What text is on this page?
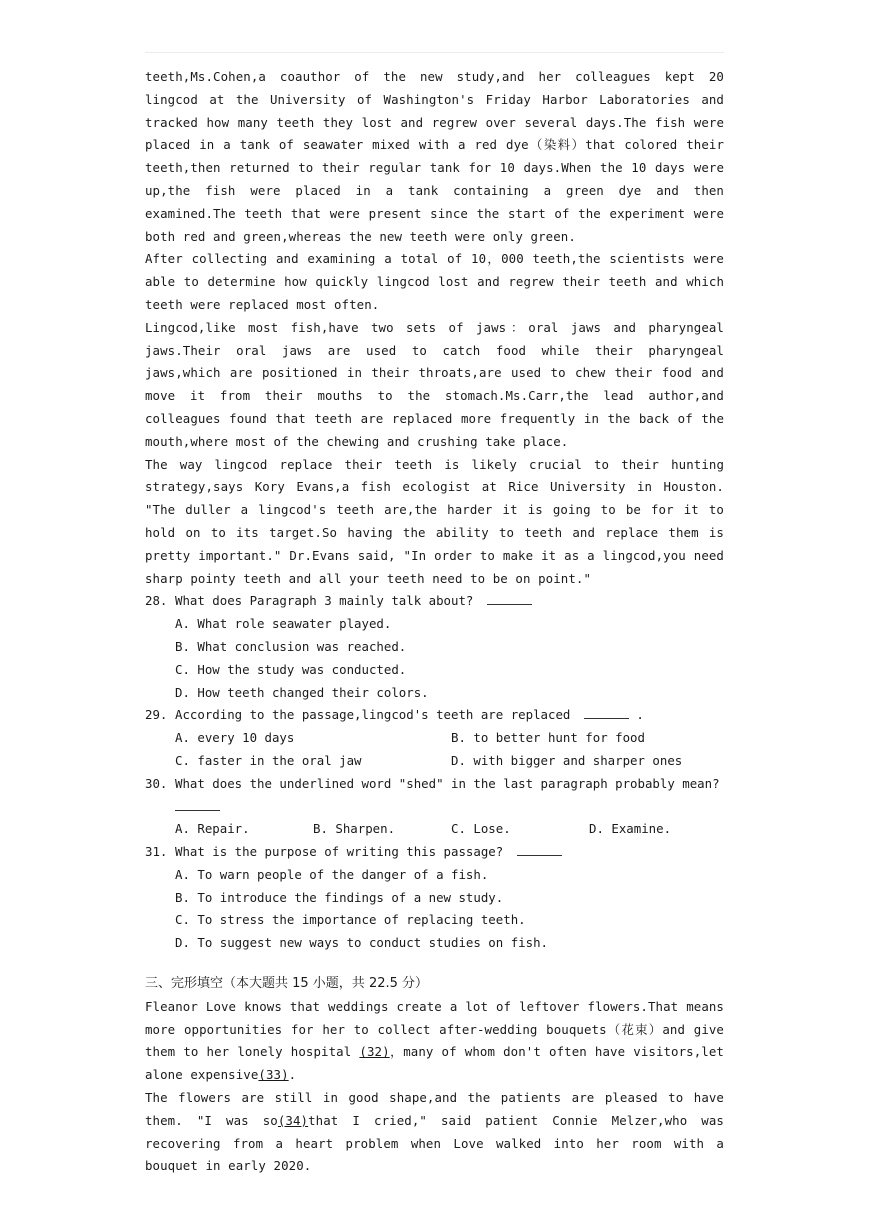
teeth,Ms.Cohen,a coauthor of the new study,and her colleagues kept 20 lingcod at the University of Washington's Friday Harbor Laboratories and tracked how many teeth they lost and regrew over several days.The fish were placed in a tank of seawater mixed with a red dye（染料）that colored their teeth,then returned to their regular tank for 10 days.When the 10 days were up,the fish were placed in a tank containing a green dye and then examined.The teeth that were present since the start of the experiment were both red and green,whereas the new teeth were only green.

After collecting and examining a total of 10，000 teeth,the scientists were able to determine how quickly lingcod lost and regrew their teeth and which teeth were replaced most often.

Lingcod,like most fish,have two sets of jaws：oral jaws and pharyngeal jaws.Their oral jaws are used to catch food while their pharyngeal jaws,which are positioned in their throats,are used to chew their food and move it from their mouths to the stomach.Ms.Carr,the lead author,and colleagues found that teeth are replaced more frequently in the back of the mouth,where most of the chewing and crushing take place.

The way lingcod replace their teeth is likely crucial to their hunting strategy,says Kory Evans,a fish ecologist at Rice University in Houston. "The duller a lingcod's teeth are,the harder it is going to be for it to hold on to its target.So having the ability to teeth and replace them is pretty important." Dr.Evans said, "In order to make it as a lingcod,you need sharp pointy teeth and all your teeth need to be on point."

28. What does Paragraph 3 mainly talk about?

A. What role seawater played.

B. What conclusion was reached.

C. How the study was conducted.

D. How teeth changed their colors.

29. According to the passage,lingcod's teeth are replaced	.
A. every 10 days	B. to better hunt for food
C. faster in the oral jaw	D. with bigger and sharper ones
30. What does the underlined word "shed" in the last paragraph probably mean?

A. Repair.	B. Sharpen.	C. Lose.	D. Examine.
31. What is the purpose of writing this passage?

A. To warn people of the danger of a fish.

B. To introduce the findings of a new study.

C. To stress the importance of replacing teeth.

D. To suggest new ways to conduct studies on fish.

三、完形填空（本大题共 15 小题，共 22.5 分）

Fleanor Love knows that weddings create a lot of leftover flowers.That means more opportunities for her to collect after-wedding bouquets（花束）and give them to her lonely hospital (32)，many of whom don't often have visitors,let alone expensive(33).

The flowers are still in good shape,and the patients are pleased to have them. "I was so(34)that I cried," said patient Connie Melzer,who was recovering from a heart problem when Love walked into her room with a bouquet in early 2020.
